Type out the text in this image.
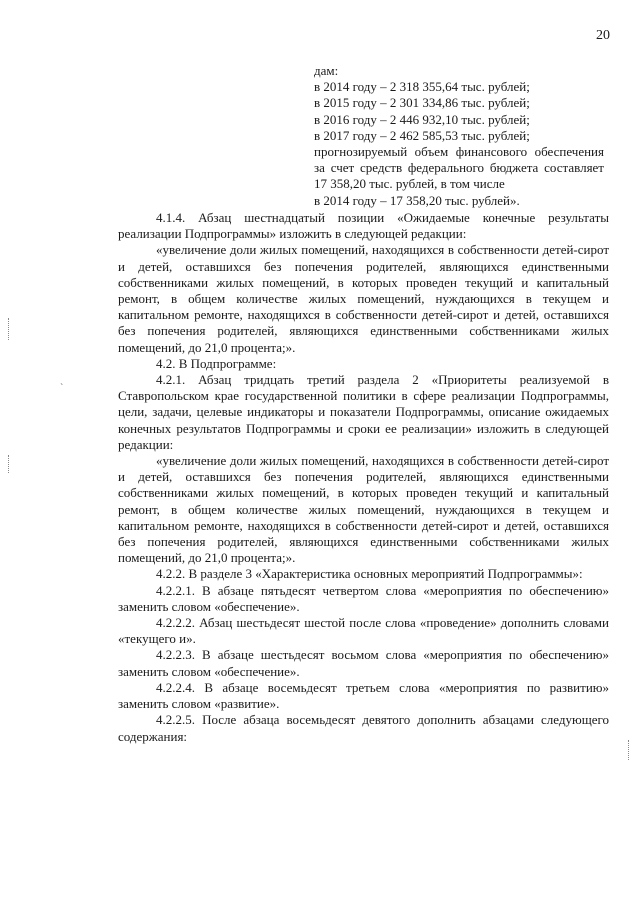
20

дам:

в 2014 году – 2 318 355,64 тыс. рублей;

в 2015 году – 2 301 334,86 тыс. рублей;

в 2016 году – 2 446 932,10 тыс. рублей;

в 2017 году – 2 462 585,53 тыс. рублей;

прогнозируемый объем финансового обеспечения за счет средств федерального бюджета составляет 17 358,20 тыс. рублей, в том числе

в 2014 году – 17 358,20 тыс. рублей».

4.1.4. Абзац шестнадцатый позиции «Ожидаемые конечные результаты реализации Подпрограммы» изложить в следующей редакции:

«увеличение доли жилых помещений, находящихся в собственности детей-сирот и детей, оставшихся без попечения родителей, являющихся единственными собственниками жилых помещений, в которых проведен текущий и капитальный ремонт, в общем количестве жилых помещений, нуждающихся в текущем и капитальном ремонте, находящихся в собственности детей-сирот и детей, оставшихся без попечения родителей, являющихся единственными собственниками жилых помещений, до 21,0 процента;».

4.2. В Подпрограмме:

4.2.1. Абзац тридцать третий раздела 2 «Приоритеты реализуемой в Ставропольском крае государственной политики в сфере реализации Подпрограммы, цели, задачи, целевые индикаторы и показатели Подпрограммы, описание ожидаемых конечных результатов Подпрограммы и сроки ее реализации» изложить в следующей редакции:

«увеличение доли жилых помещений, находящихся в собственности детей-сирот и детей, оставшихся без попечения родителей, являющихся единственными собственниками жилых помещений, в которых проведен текущий и капитальный ремонт, в общем количестве жилых помещений, нуждающихся в текущем и капитальном ремонте, находящихся в собственности детей-сирот и детей, оставшихся без попечения родителей, являющихся единственными собственниками жилых помещений, до 21,0 процента;».

4.2.2. В разделе 3 «Характеристика основных мероприятий Подпрограммы»:

4.2.2.1. В абзаце пятьдесят четвертом слова «мероприятия по обеспечению» заменить словом «обеспечение».

4.2.2.2. Абзац шестьдесят шестой после слова «проведение» дополнить словами «текущего и».

4.2.2.3. В абзаце шестьдесят восьмом слова «мероприятия по обеспечению» заменить словом «обеспечение».

4.2.2.4. В абзаце восемьдесят третьем слова «мероприятия по развитию» заменить словом «развитие».

4.2.2.5. После абзаца восемьдесят девятого дополнить абзацами следующего содержания:

`
